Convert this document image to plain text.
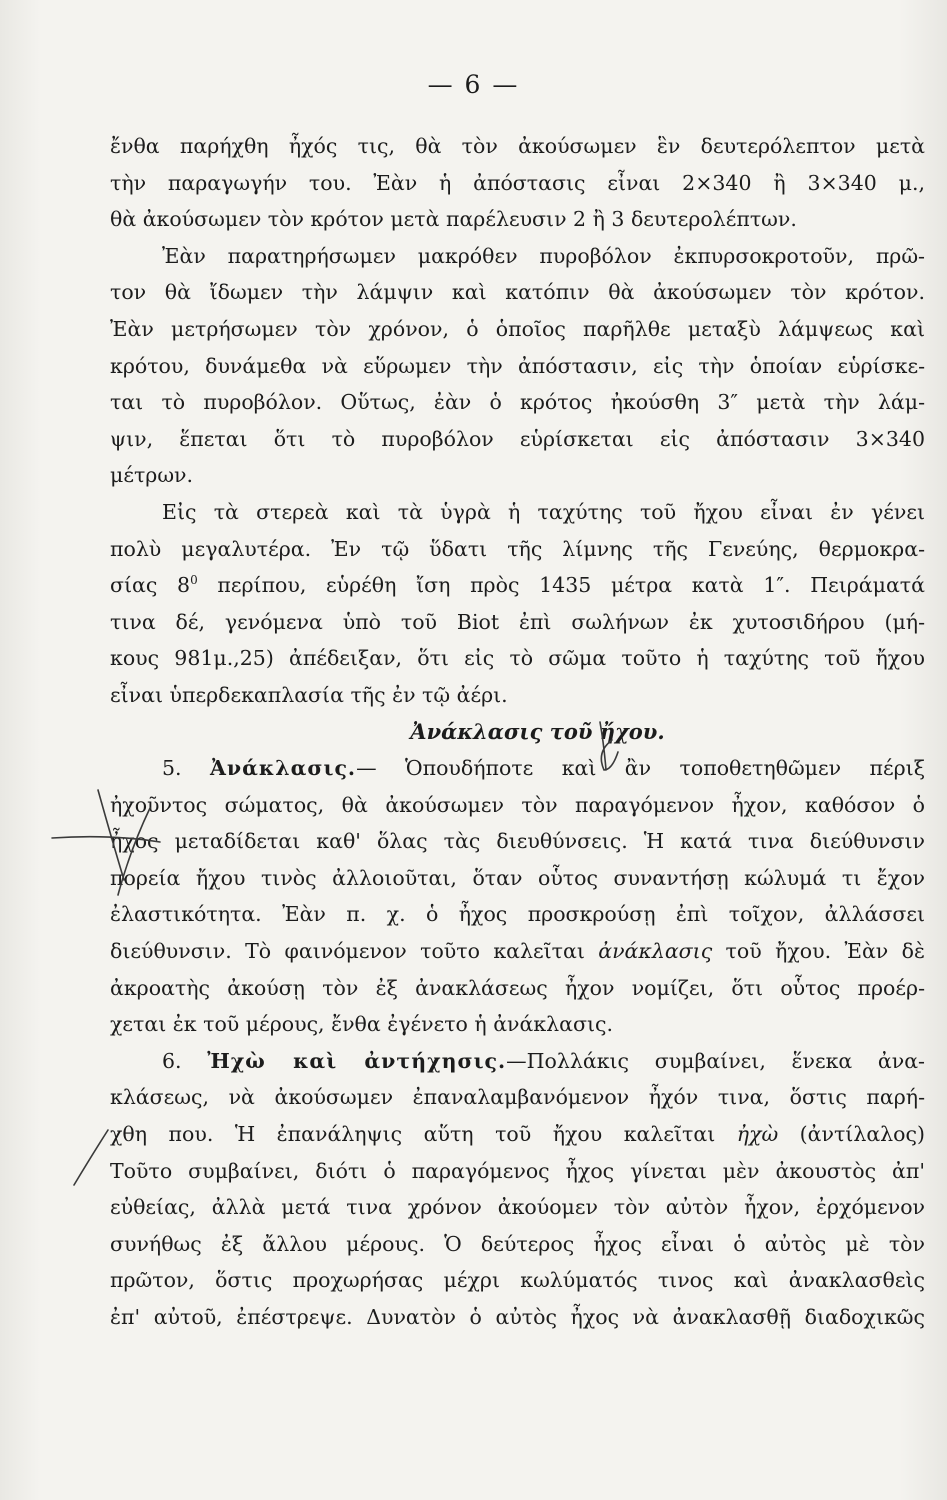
— 6 —
ἔνθα παρήχθη ἦχός τις, θὰ τὸν ἀκούσωμεν ἓν δευτερόλεπτον μετὰ
τὴν παραγωγήν του. Ἐὰν ἡ ἀπόστασις εἶναι 2×340 ἢ 3×340 μ.,
θὰ ἀκούσωμεν τὸν κρότον μετὰ παρέλευσιν 2 ἢ 3 δευτερολέπτων.
Ἐὰν παρατηρήσωμεν μακρόθεν πυροβόλον ἐκπυρσοκροτοῦν, πρῶ-
τον θὰ ἴδωμεν τὴν λάμψιν καὶ κατόπιν θὰ ἀκούσωμεν τὸν κρότον.
Ἐὰν μετρήσωμεν τὸν χρόνον, ὁ ὁποῖος παρῆλθε μεταξὺ λάμψεως καὶ
κρότου, δυνάμεθα νὰ εὕρωμεν τὴν ἀπόστασιν, εἰς τὴν ὁποίαν εὑρίσκε-
ται τὸ πυροβόλον. Οὕτως, ἐὰν ὁ κρότος ἠκούσθη 3″ μετὰ τὴν λάμ-
ψιν, ἕπεται ὅτι τὸ πυροβόλον εὑρίσκεται εἰς ἀπόστασιν 3×340
μέτρων.
Εἰς τὰ στερεὰ καὶ τὰ ὑγρὰ ἡ ταχύτης τοῦ ἤχου εἶναι ἐν γένει
πολὺ μεγαλυτέρα. Ἐν τῷ ὕδατι τῆς λίμνης τῆς Γενεύης, θερμοκρα-
σίας $8^0$ περίπου, εὑρέθη ἴση πρὸς 1435 μέτρα κατὰ 1″. Πειράματά
τινα δέ, γενόμενα ὑπὸ τοῦ Biot ἐπὶ σωλήνων ἐκ χυτοσιδήρου (μή-
κους 981μ.,25) ἀπέδειξαν, ὅτι εἰς τὸ σῶμα τοῦτο ἡ ταχύτης τοῦ ἤχου
εἶναι ὑπερδεκαπλασία τῆς ἐν τῷ ἀέρι.
Ἀνάκλασις τοῦ ἤχου.
5. Ἀνάκλασις.— Ὁπουδήποτε καὶ ἂν τοποθετηθῶμεν πέριξ
ἠχοῦντος σώματος, θὰ ἀκούσωμεν τὸν παραγόμενον ἦχον, καθόσον ὁ
ἦχος μεταδίδεται καθ' ὅλας τὰς διευθύνσεις. Ἡ κατά τινα διεύθυνσιν
πορεία ἤχου τινὸς ἀλλοιοῦται, ὅταν οὗτος συναντήσῃ κώλυμά τι ἔχον
ἐλαστικότητα. Ἐὰν π. χ. ὁ ἦχος προσκρούσῃ ἐπὶ τοῖχον, ἀλλάσσει
διεύθυνσιν. Τὸ φαινόμενον τοῦτο καλεῖται ἀνάκλασις τοῦ ἤχου. Ἐὰν δὲ
ἀκροατὴς ἀκούσῃ τὸν ἐξ ἀνακλάσεως ἦχον νομίζει, ὅτι οὗτος προέρ-
χεται ἐκ τοῦ μέρους, ἔνθα ἐγένετο ἡ ἀνάκλασις.
6. Ἠχὼ καὶ ἀντήχησις.—Πολλάκις συμβαίνει, ἕνεκα ἀνα-
κλάσεως, νὰ ἀκούσωμεν ἐπαναλαμβανόμενον ἦχόν τινα, ὅστις παρή-
χθη που. Ἡ ἐπανάληψις αὕτη τοῦ ἤχου καλεῖται ἠχὼ (ἀντίλαλος)
Τοῦτο συμβαίνει, διότι ὁ παραγόμενος ἦχος γίνεται μὲν ἀκουστὸς ἀπ'
εὐθείας, ἀλλὰ μετά τινα χρόνον ἀκούομεν τὸν αὐτὸν ἦχον, ἐρχόμενον
συνήθως ἐξ ἄλλου μέρους. Ὁ δεύτερος ἦχος εἶναι ὁ αὐτὸς μὲ τὸν
πρῶτον, ὅστις προχωρήσας μέχρι κωλύματός τινος καὶ ἀνακλασθεὶς
ἐπ' αὐτοῦ, ἐπέστρεψε. Δυνατὸν ὁ αὐτὸς ἦχος νὰ ἀνακλασθῇ διαδοχικῶς
